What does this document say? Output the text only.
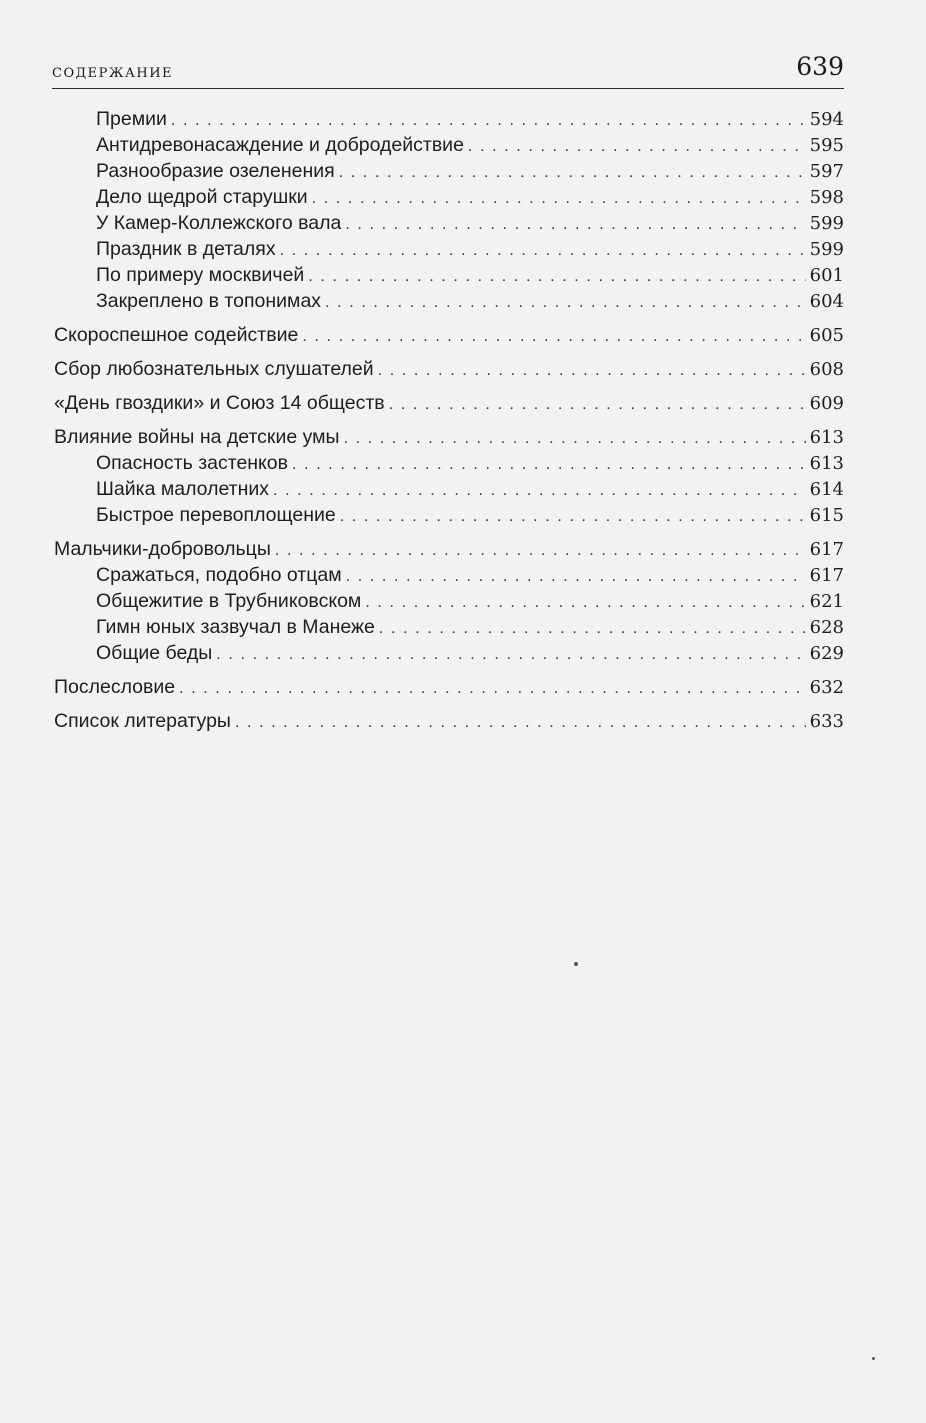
содержание	639
Премии . . .	594
Антидревонасаждение и добродействие . . .	595
Разнообразие озеленения . . .	597
Дело щедрой старушки . . .	598
У Камер-Коллежского вала . . .	599
Праздник в деталях . . .	599
По примеру москвичей . . .	601
Закреплено в топонимах . . .	604
Скороспешное содействие . . .	605
Сбор любознательных слушателей . . .	608
«День гвоздики» и Союз 14 обществ . . .	609
Влияние войны на детские умы . . .	613
Опасность застенков . . .	613
Шайка малолетних . . .	614
Быстрое перевоплощение . . .	615
Мальчики-добровольцы . . .	617
Сражаться, подобно отцам . . .	617
Общежитие в Трубниковском . . .	621
Гимн юных зазвучал в Манеже . . .	628
Общие беды . . .	629
Послесловие . . .	632
Список литературы . . .	633
